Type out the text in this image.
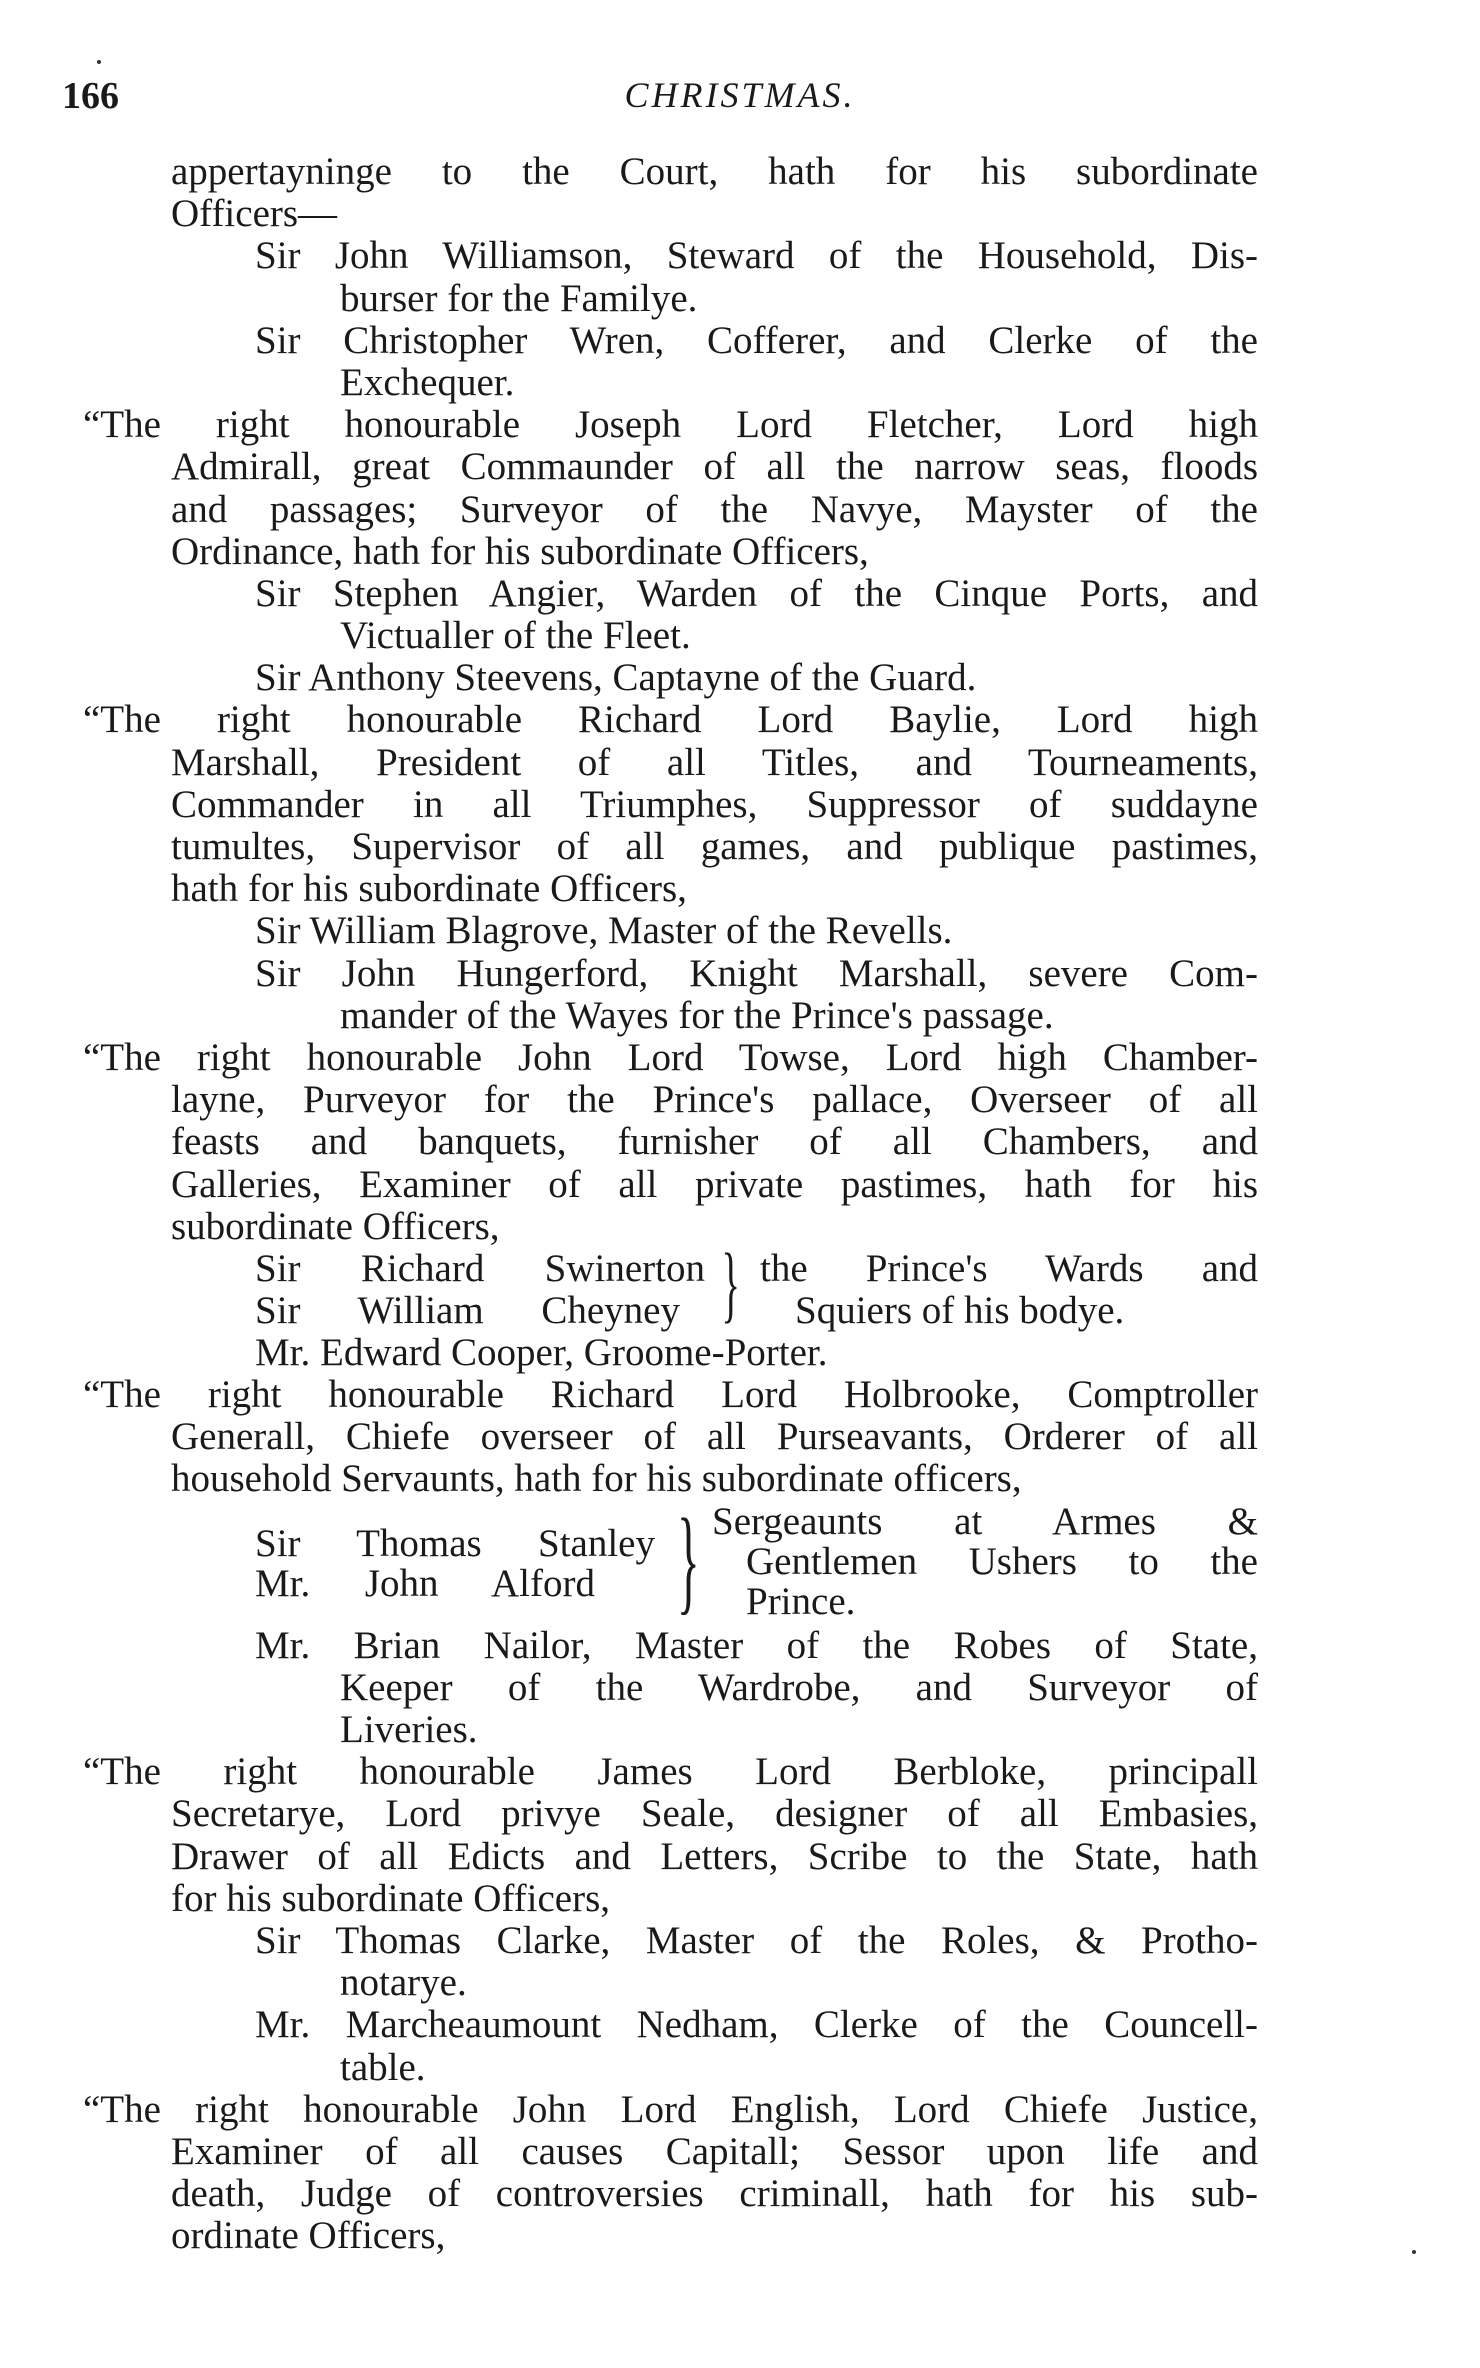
166	CHRISTMAS.
appertayninge to the Court, hath for his subordinate
Officers—
Sir John Williamson, Steward of the Household, Dis-
burser for the Familye.
Sir Christopher Wren, Cofferer, and Clerke of the
Exchequer.
“The right honourable Joseph Lord Fletcher, Lord high
Admirall, great Commaunder of all the narrow seas, floods
and passages; Surveyor of the Navye, Mayster of the
Ordinance, hath for his subordinate Officers,
Sir Stephen Angier, Warden of the Cinque Ports, and
Victualler of the Fleet.
Sir Anthony Steevens, Captayne of the Guard.
“The right honourable Richard Lord Baylie, Lord high
Marshall, President of all Titles, and Tourneaments,
Commander in all Triumphes, Suppressor of suddayne
tumultes, Supervisor of all games, and publique pastimes,
hath for his subordinate Officers,
Sir William Blagrove, Master of the Revells.
Sir John Hungerford, Knight Marshall, severe Com-
mander of the Wayes for the Prince's passage.
“The right honourable John Lord Towse, Lord high Chamber-
layne, Purveyor for the Prince's pallace, Overseer of all
feasts and banquets, furnisher of all Chambers, and
Galleries, Examiner of all private pastimes, hath for his
subordinate Officers,
Sir Richard Swinerton
Sir William Cheyney } the Prince's Wards and
Squiers of his bodye.
Mr. Edward Cooper, Groome-Porter.
“The right honourable Richard Lord Holbrooke, Comptroller
Generall, Chiefe overseer of all Purseavants, Orderer of all
household Servaunts, hath for his subordinate officers,
Sir Thomas Stanley
Mr. John Alford } Sergeaunts at Armes &
Gentlemen Ushers to the
Prince.
Mr. Brian Nailor, Master of the Robes of State,
Keeper of the Wardrobe, and Surveyor of
Liveries.
“The right honourable James Lord Berbloke, principall
Secretarye, Lord privye Seale, designer of all Embasies,
Drawer of all Edicts and Letters, Scribe to the State, hath
for his subordinate Officers,
Sir Thomas Clarke, Master of the Roles, & Protho-
notarye.
Mr. Marcheaumount Nedham, Clerke of the Councell-
table.
“The right honourable John Lord English, Lord Chiefe Justice,
Examiner of all causes Capitall; Sessor upon life and
death, Judge of controversies criminall, hath for his sub-
ordinate Officers,
